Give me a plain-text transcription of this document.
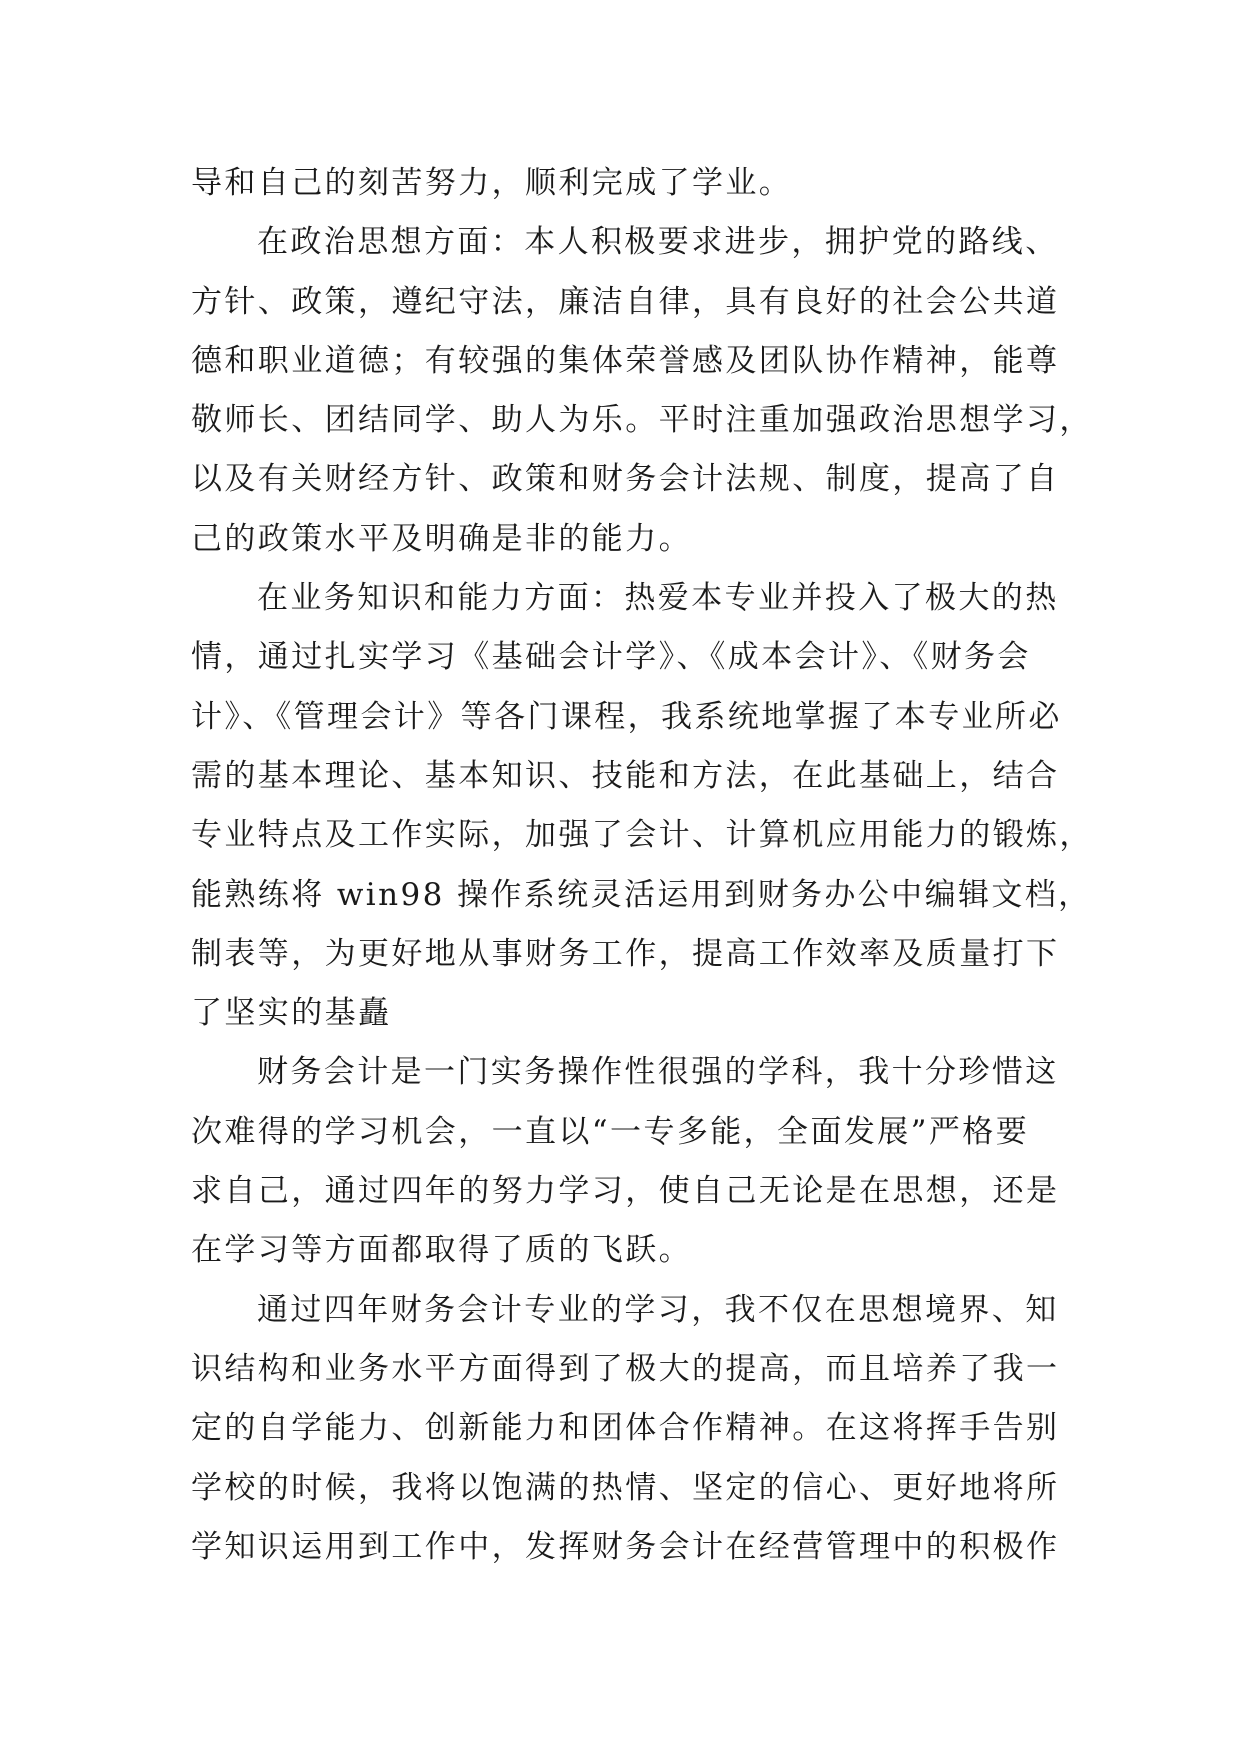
导和自己的刻苦努力，顺利完成了学业。
在政治思想方面：本人积极要求进步，拥护党的路线、
方针、政策，遵纪守法，廉洁自律，具有良好的社会公共道
德和职业道德；有较强的集体荣誉感及团队协作精神，能尊
敬师长、团结同学、助人为乐。平时注重加强政治思想学习，
以及有关财经方针、政策和财务会计法规、制度，提高了自
己的政策水平及明确是非的能力。
在业务知识和能力方面：热爱本专业并投入了极大的热
情，通过扎实学习《基础会计学》、《成本会计》、《财务会
计》、《管理会计》等各门课程，我系统地掌握了本专业所必
需的基本理论、基本知识、技能和方法，在此基础上，结合
专业特点及工作实际，加强了会计、计算机应用能力的锻炼，
能熟练将 win98 操作系统灵活运用到财务办公中编辑文档，
制表等，为更好地从事财务工作，提高工作效率及质量打下
了坚实的基矗
财务会计是一门实务操作性很强的学科，我十分珍惜这
次难得的学习机会，一直以“一专多能，全面发展”严格要
求自己，通过四年的努力学习，使自己无论是在思想，还是
在学习等方面都取得了质的飞跃。
通过四年财务会计专业的学习，我不仅在思想境界、知
识结构和业务水平方面得到了极大的提高，而且培养了我一
定的自学能力、创新能力和团体合作精神。在这将挥手告别
学校的时候，我将以饱满的热情、坚定的信心、更好地将所
学知识运用到工作中，发挥财务会计在经营管理中的积极作
